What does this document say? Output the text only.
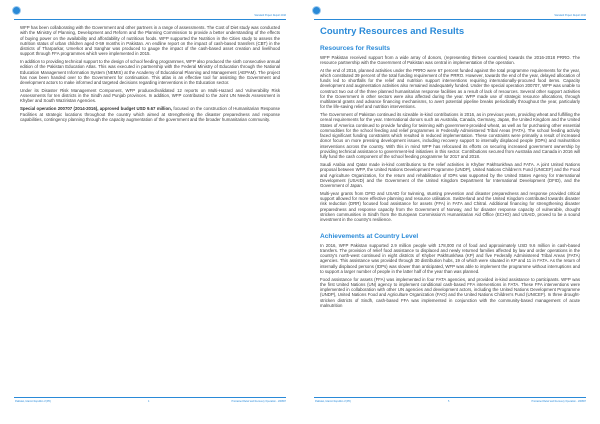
Standard Project Report 2016

WFP has been collaborating with the Government and other partners in a range of assessments. The Cost of Diet study was conducted with the Ministry of Planning, Development and Reform and the Planning Commission to provide a better understanding of the effects of buying power on the availability and affordability of nutritious foods. WFP supported the Nutrition in the Cities study to assess the nutrition status of urban children aged 0-59 months in Pakistan. An endline report on the impact of cash-based transfers (CBT) in the districts of Tharparkar, Umerkot and Sanghar was produced to gauge the impact of the cash-based asset creation and livelihood support through FFA programmes which were implemented in 2015.

In addition to providing technical support to the design of school feeding programmes, WFP also produced the sixth consecutive annual edition of the Pakistan Education Atlas. This was executed in partnership with the Federal Ministry of Education through the National Education Management Information System (NEMIS) at the Academy of Educational Planning and Management (AEPAM). The project has now been handed over to the Government for continuation. This atlas is an effective tool for assisting the Government and development actors to make informed and targeted decisions regarding interventions in the Education sector.

Under its Disaster Risk Management Component, WFP produced/validated 12 reports on Multi-Hazard and Vulnerability Risk Assessments for ten districts in the Sindh and Punjab provinces. In addition, WFP contributed to the Joint UN Needs Assessment in Khyber and South Waziristan Agencies.

Special operation 200707 (2014-2016), approved budget USD 9.67 million, focused on the construction of Humanitarian Response Facilities at strategic locations throughout the country which aimed at strengthening the disaster preparedness and response capabilities, contingency planning through the capacity augmentation of the government and the broader humanitarian community.

Pakistan, Islamic Republic of (PK)	4	Protracted Relief and Recovery Operation - 200867
Standard Project Report 2016
Country Resources and Results
Resources for Results

WFP Pakistan received support from a wide array of donors, (representing thirteen countries) towards the 2016-2018 PRRO. The resource partnership with the Government of Pakistan was central in implementation of the operation.

At the end of 2016, planned activities under the PRRO were 67 percent funded against the total programme requirements for the year, which constituted 39 percent of the total funding requirement of the PRRO. However, towards the end of the year, delayed allocation of funds led to shortfalls for the relief and nutrition support interventions requiring internationally-procured food items. Capacity development and augmentation activities also remained inadequately funded. Under the special operation 200707, WFP was unable to construct two out of the three planned humanitarian response facilities as a result of lack of resources. Several other support activities for the Government in other sectors were also affected during the year. WFP made use of strategic resource allocations, through multilateral grants and advance financing mechanisms, to avert potential pipeline breaks periodically throughout the year, particularly for the life-saving relief and nutrition interventions.

The Government of Pakistan continued its sizeable in-kind contributions in 2016, as in previous years, providing wheat and fulfilling the cereal requirements for the year. International donors such as Australia, Canada, Germany, Japan, the United Kingdom and the United States of America continued to provide funding for twinning with government-provided wheat, as well as for purchasing other essential commodities for the school feeding and relief programmes in Federally Administered Tribal Areas (FATA). The school feeding activity faced significant funding constraints which resulted in reduced implementation. These constraints were primarily a result of increased donor focus on more pressing development issues, including recovery support to internally displaced people (IDPs) and malnutrition interventions across the country. With this in mind WFP has refocused its efforts on securing increased government ownership by providing technical assistance to government-led initiatives in this sector. Contributions secured from Australia and Canada in 2016 will fully fund the cash component of the school feeding programme for 2017 and 2018.

Saudi Arabia and Qatar made in-kind contributions to the relief activities in Khyber Pakhtunkhwa and FATA. A joint United Nations proposal between WFP, the United Nations Development Programme (UNDP), United Nations Children's Fund (UNICEF) and the Food and Agriculture Organization, for the return and rehabilitation of IDPs was supported by the United States Agency for International Development (USAID) and the Government of the United Kingdom Department for International Development (DFID), and the Government of Japan.

Multi-year grants from DFID and USAID for twinning, stunting prevention and disaster preparedness and response provided critical support allowed for more effective planning and resource utilisation. Switzerland and the United Kingdom contributed towards disaster risk reduction (DRR) focused food assistance for assets (FFA) in FATA and Chitral. Additional financing for strengthening disaster preparedness and response capacity from the Government of Norway, and for disaster response capacity of vulnerable, drought stricken communities in Sindh from the European Commission's Humanitarian Aid Office (ECHO) and USAID, proved to be a sound investment in the country's resilience.

Achievements at Country Level

In 2016, WFP Pakistan supported 2.9 million people with 178,000 mt of food and approximately USD 9.6 million in cash-based transfers. The provision of relief food assistance to displaced and newly returned families affected by law and order operations in the country's north-west continued in eight districts of Khyber Pakhtunkhwa (KP) and five Federally Administered Tribal Areas (FATA) agencies. This assistance was provided through 30 distribution hubs, 19 of which were situated in KP and 11 in FATA. As the return of internally displaced persons (IDPs) was slower than anticipated, WFP was able to implement the programme without interruptions and to support a larger number of people in the latter half of the year than was planned.

Food assistance for assets (FFA) was implemented in four FATA agencies, and provided in-kind assistance to participants. WFP was the first United Nations (UN) agency to implement conditional cash-based FFA interventions in FATA. These FFA interventions were implemented in collaboration with other UN agencies and development actors, including the United Nations Development Programme (UNDP), United Nations Food and Agriculture Organization (FAO) and the United Nations Children's Fund (UNICEF). In three drought-stricken districts of Sindh, cash-based FFA was implemented in conjunction with the community-based management of acute malnutrition

Pakistan, Islamic Republic of (PK)	5	Protracted Relief and Recovery Operation - 200867
